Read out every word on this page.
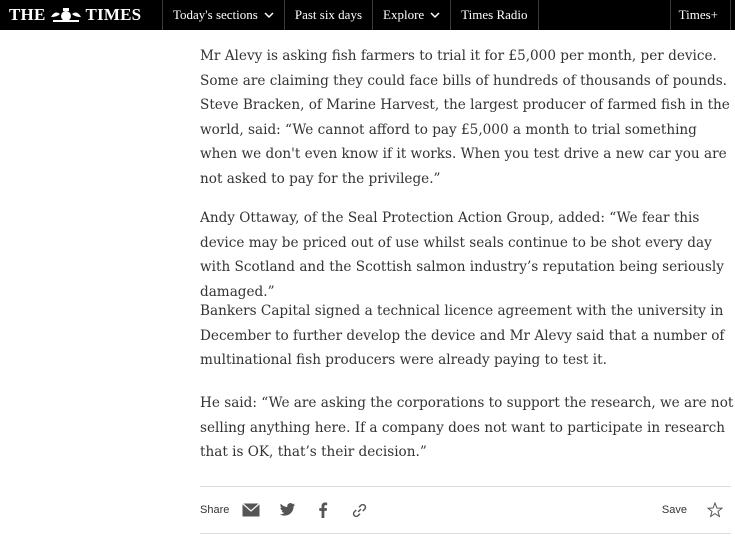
THE TIMES Today's sections	Past six days Explore	Times Radio	Times+

Mr Alevy is asking fish farmers to trial it for £5,000 per month, per device. Some are claiming they could face bills of hundreds of thousands of pounds. Steve Bracken, of Marine Harvest, the largest producer of farmed fish in the world, said: “We cannot afford to pay £5,000 a month to trial something when we don't even know if it works. When you test drive a new car you are not asked to pay for the privilege.”

Andy Ottaway, of the Seal Protection Action Group, added: “We fear this device may be priced out of use whilst seals continue to be shot every day with Scotland and the Scottish salmon industry’s reputation being seriously damaged.”

Bankers Capital signed a technical licence agreement with the university in December to further develop the device and Mr Alevy said that a number of multinational fish producers were already paying to test it.

He said: “We are asking the corporations to support the research, we are not selling anything here. If a company does not want to participate in research that is OK, that’s their decision.”

Share	Save
